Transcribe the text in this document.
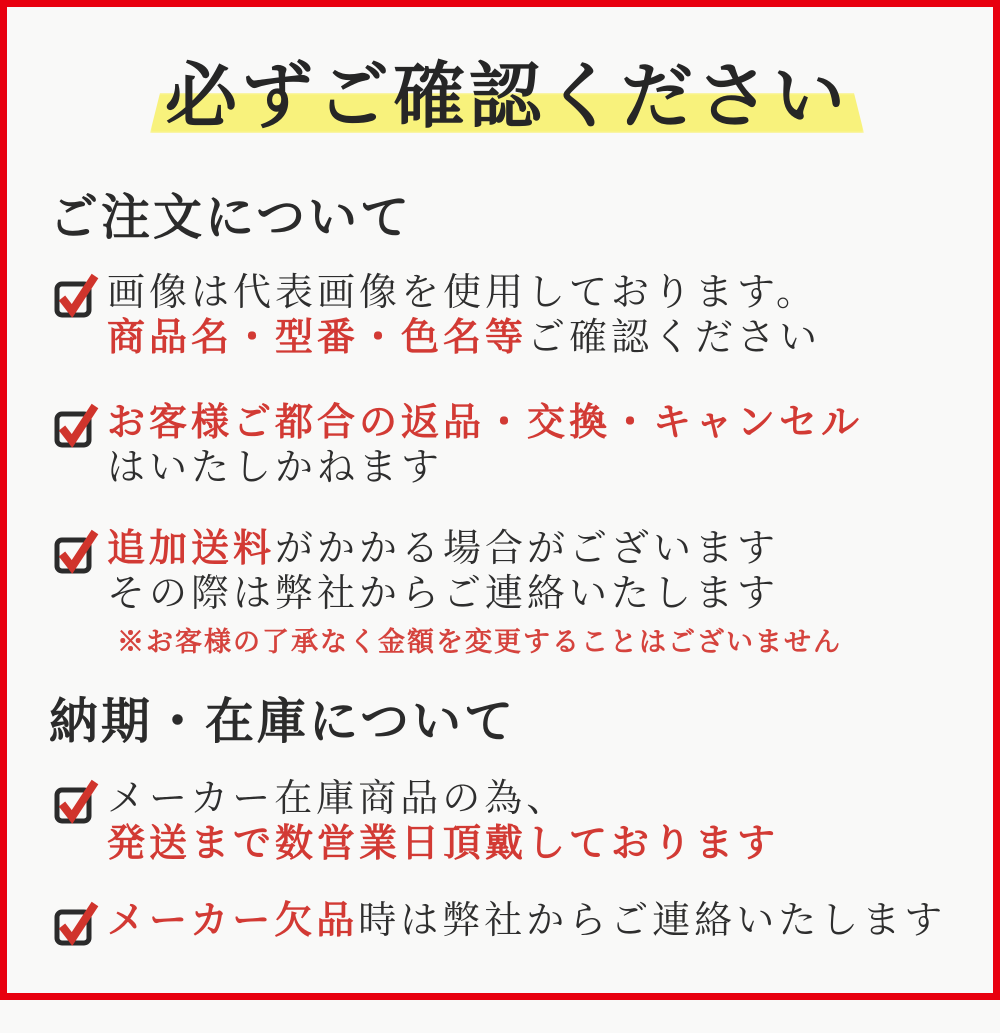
必ずご確認ください
ご注文について

画像は代表画像を使用しております。
商品名・型番・色名等ご確認ください

お客様ご都合の返品・交換・キャンセル
はいたしかねます

追加送料がかかる場合がございます
その際は弊社からご連絡いたします
※お客様の了承なく金額を変更することはございません

納期・在庫について

メーカー在庫商品の為、
発送まで数営業日頂戴しております

メーカー欠品時は弊社からご連絡いたします
